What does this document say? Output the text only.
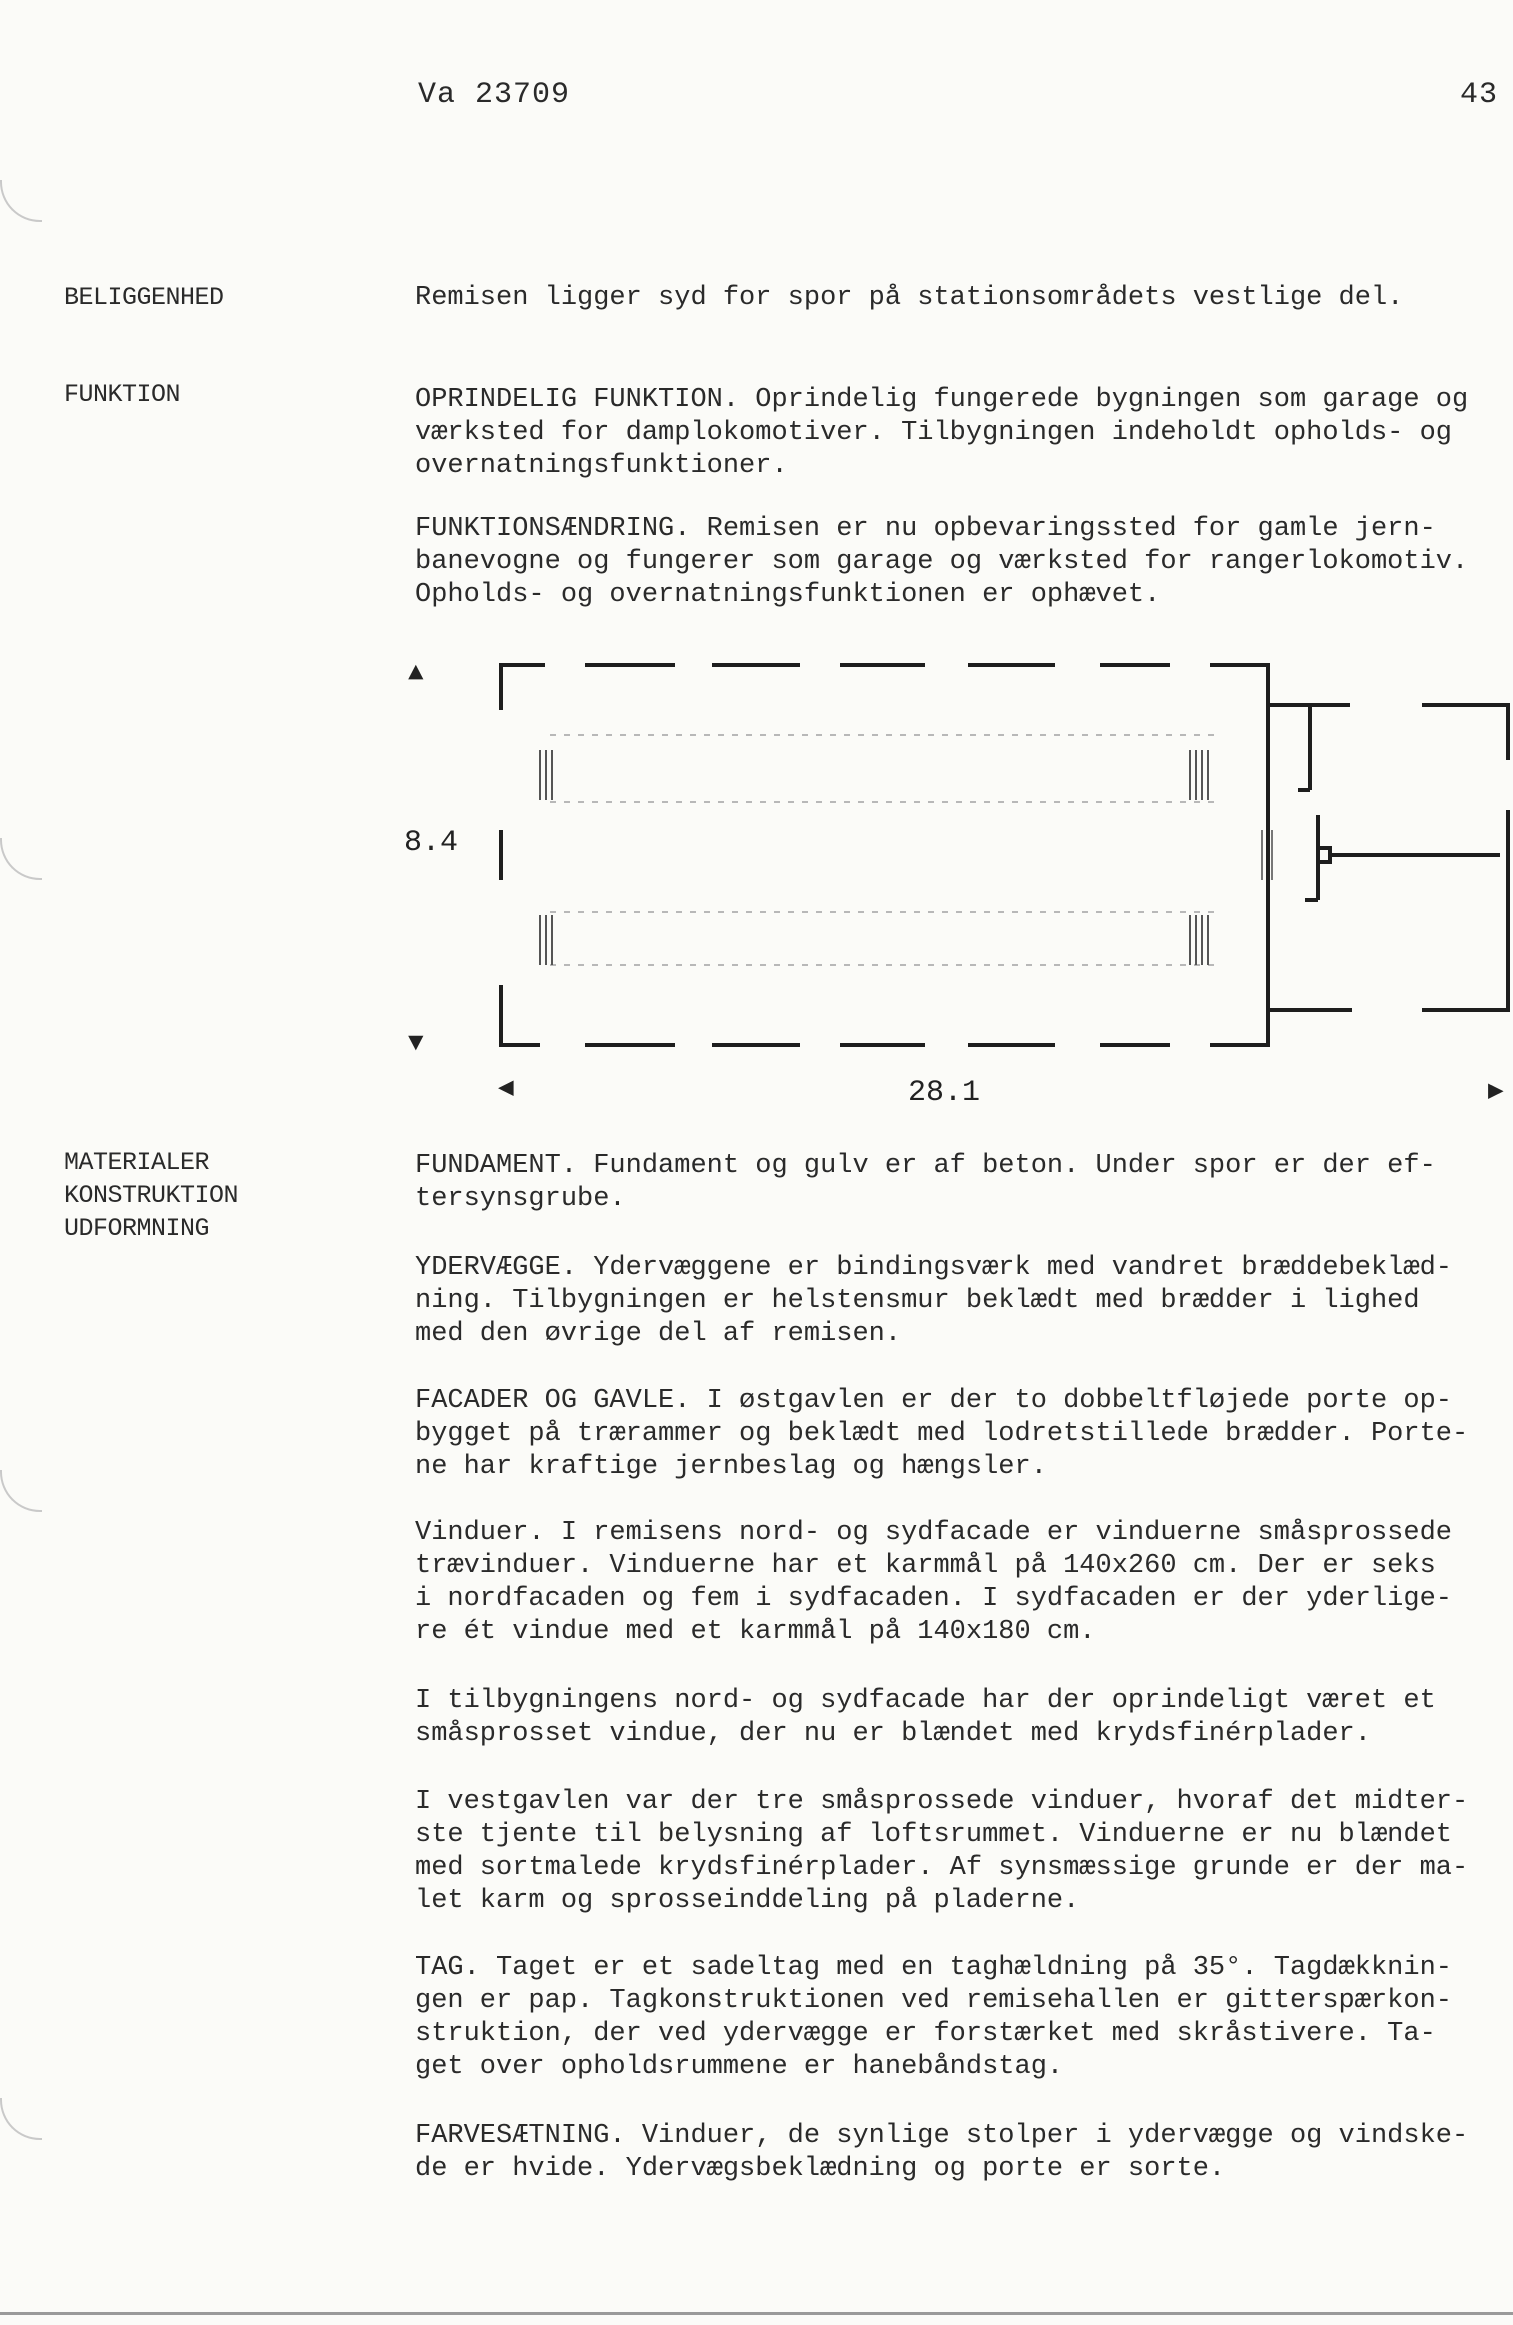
Va 23709	43
BELIGGENHED	Remisen ligger syd for spor på stationsområdets vestlige del.
FUNKTION	OPRINDELIG FUNKTION. Oprindelig fungerede bygningen som garage og
værksted for damplokomotiver. Tilbygningen indeholdt opholds- og
overnatningsfunktioner.
FUNKTIONSÆNDRING. Remisen er nu opbevaringssted for gamle jern-
banevogne og fungerer som garage og værksted for rangerlokomotiv.
Opholds- og overnatningsfunktionen er ophævet.
▲
▼
◀	▶
8.4
28.1
MATERIALER
KONSTRUKTION
UDFORMNING
FUNDAMENT. Fundament og gulv er af beton. Under spor er der ef-
tersynsgrube.
YDERVÆGGE. Ydervæggene er bindingsværk med vandret bræddebeklæd-
ning. Tilbygningen er helstensmur beklædt med brædder i lighed
med den øvrige del af remisen.
FACADER OG GAVLE. I østgavlen er der to dobbeltfløjede porte op-
bygget på trærammer og beklædt med lodretstillede brædder. Porte-
ne har kraftige jernbeslag og hængsler.
Vinduer. I remisens nord- og sydfacade er vinduerne småsprossede
trævinduer. Vinduerne har et karmmål på 140x260 cm. Der er seks
i nordfacaden og fem i sydfacaden. I sydfacaden er der yderlige-
re ét vindue med et karmmål på 140x180 cm.
I tilbygningens nord- og sydfacade har der oprindeligt været et
småsprosset vindue, der nu er blændet med krydsfinérplader.
I vestgavlen var der tre småsprossede vinduer, hvoraf det midter-
ste tjente til belysning af loftsrummet. Vinduerne er nu blændet
med sortmalede krydsfinérplader. Af synsmæssige grunde er der ma-
let karm og sprosseinddeling på pladerne.
TAG. Taget er et sadeltag med en taghældning på 35°. Tagdækknin-
gen er pap. Tagkonstruktionen ved remisehallen er gitterspærkon-
struktion, der ved ydervægge er forstærket med skråstivere. Ta-
get over opholdsrummene er hanebåndstag.
FARVESÆTNING. Vinduer, de synlige stolper i ydervægge og vindske-
de er hvide. Ydervægsbeklædning og porte er sorte.
